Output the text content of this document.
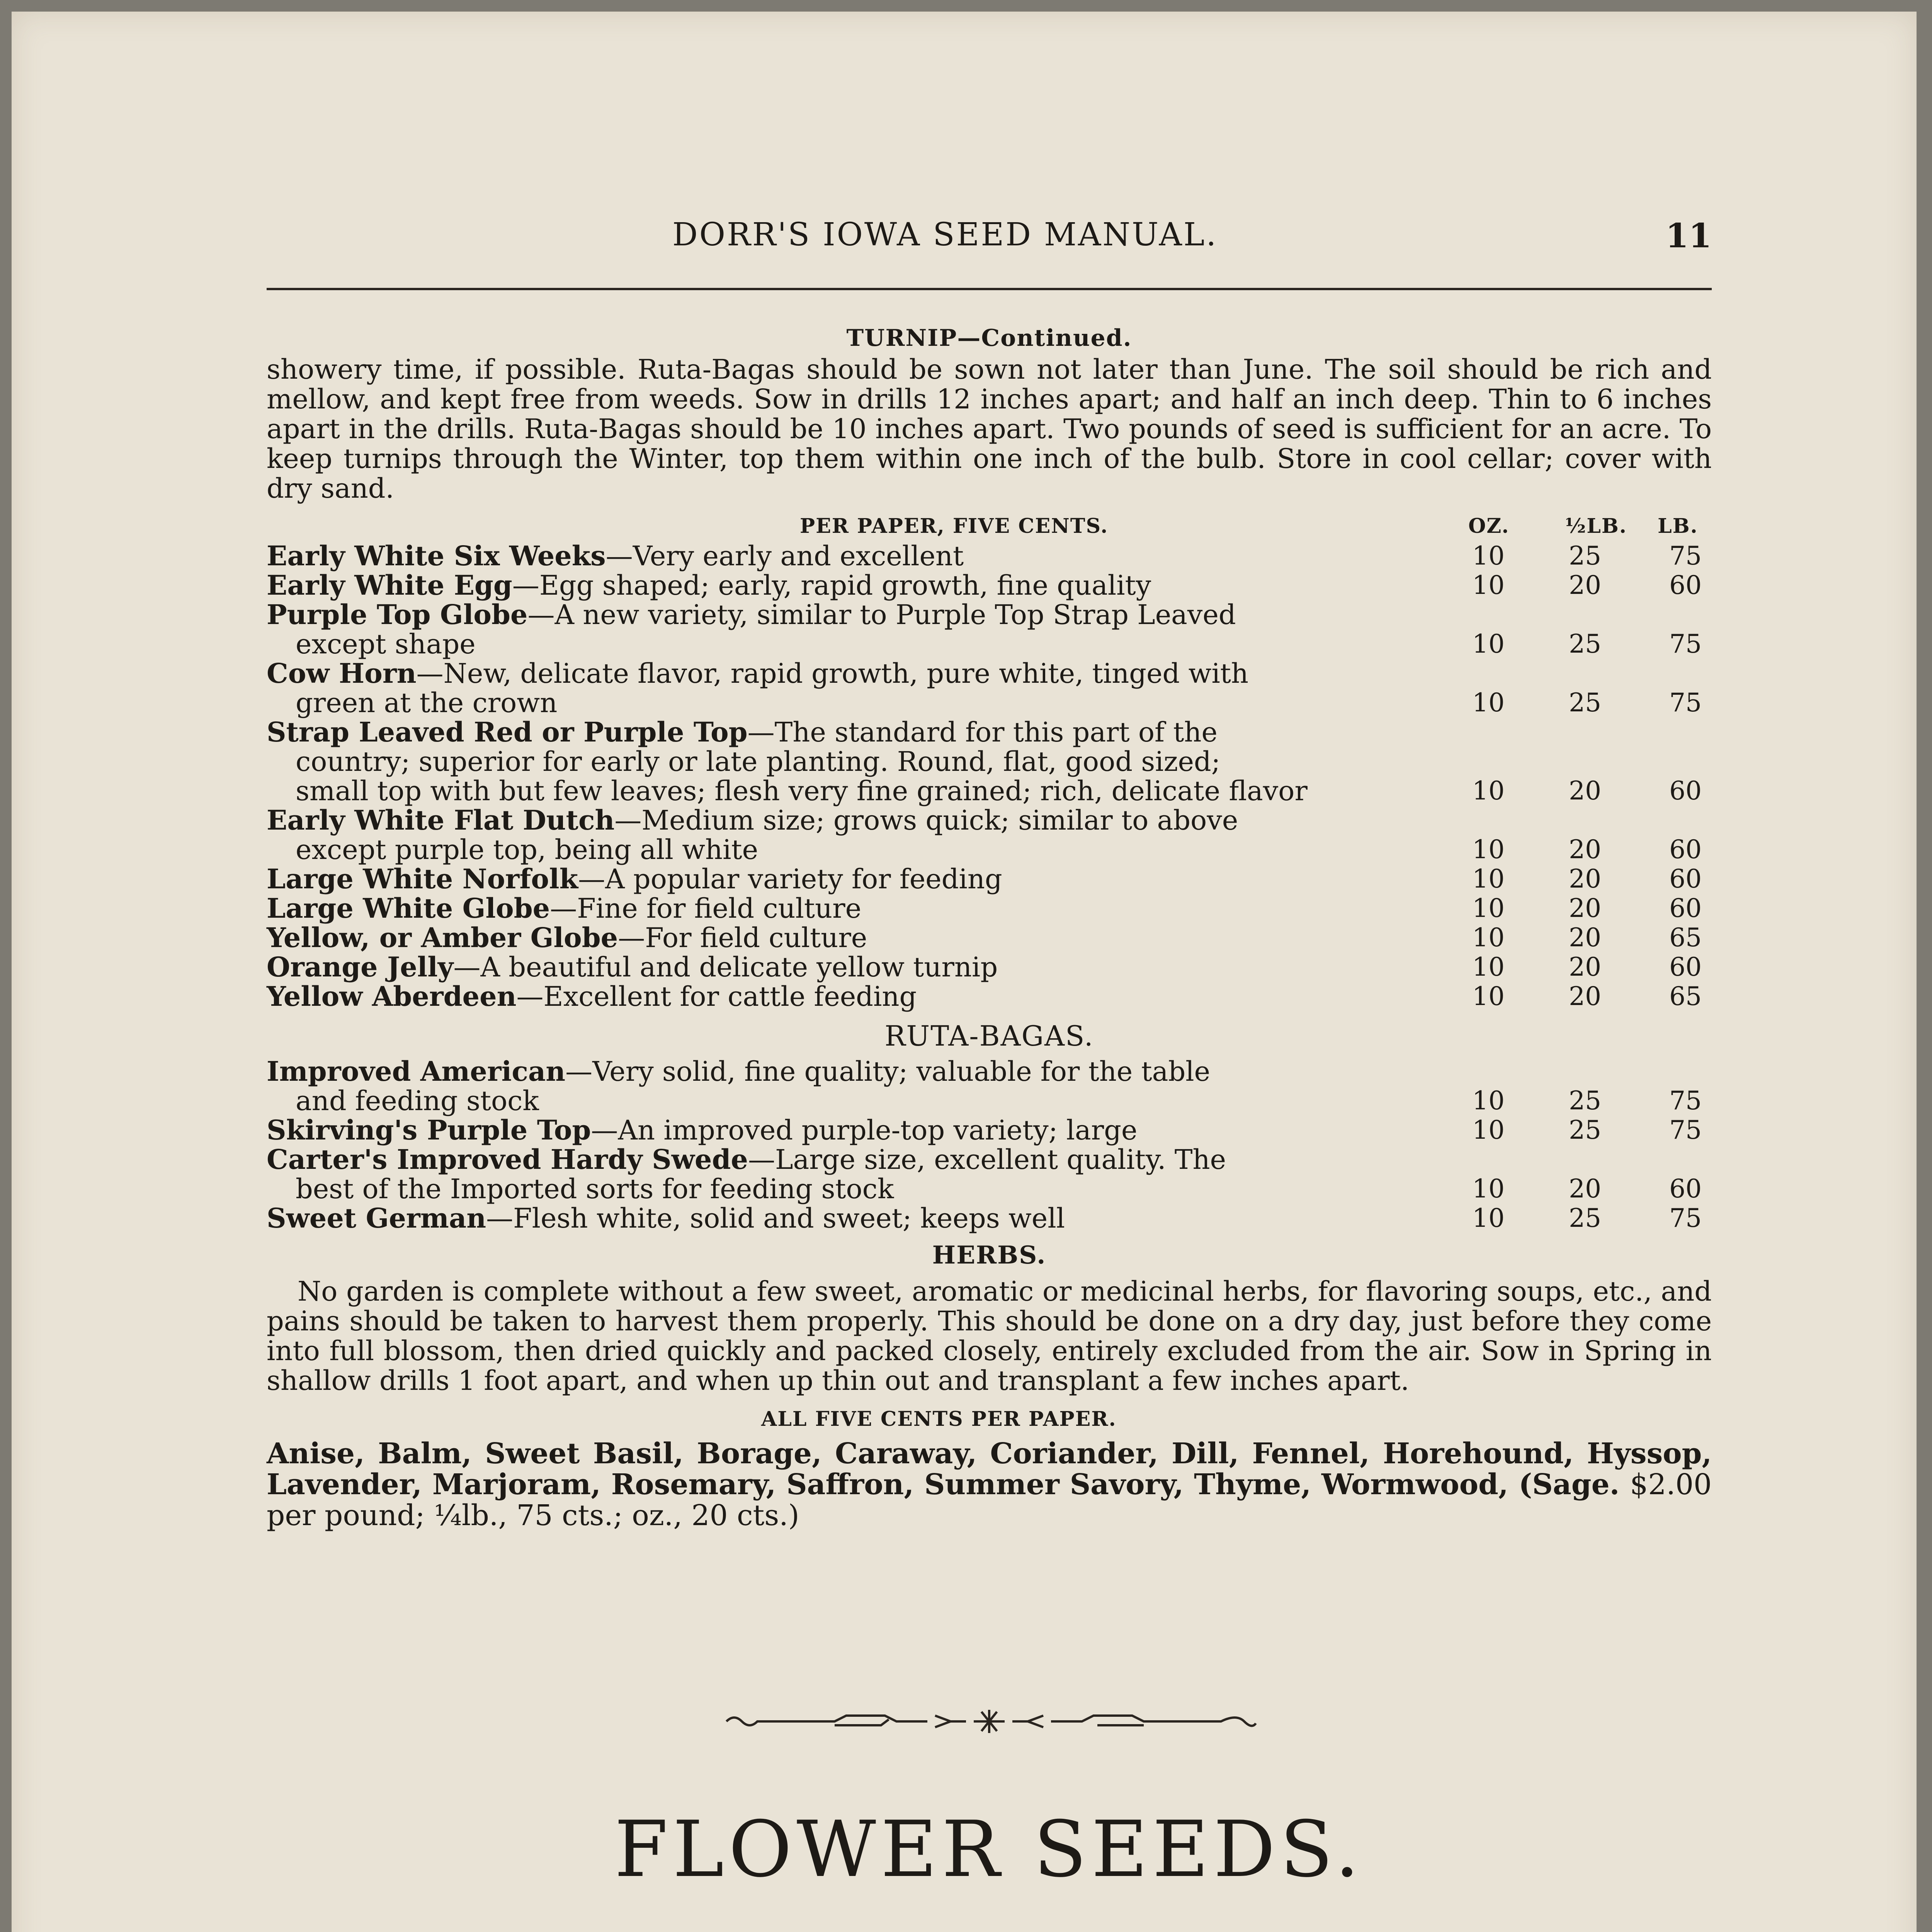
DORR'S IOWA SEED MANUAL.	11
TURNIP—Continued.
showery time, if possible. Ruta-Bagas should be sown not later than June. The soil should be rich and mellow, and kept free from weeds. Sow in drills 12 inches apart; and half an inch deep. Thin to 6 inches apart in the drills. Ruta-Bagas should be 10 inches apart. Two pounds of seed is sufficient for an acre. To keep turnips through the Winter, top them within one inch of the bulb. Store in cool cellar; cover with dry sand.
PER PAPER, FIVE CENTS.	OZ.	½LB. LB.
Early White Six Weeks—Very early and excellent	10	25	75
Early White Egg—Egg shaped; early, rapid growth, fine quality	10	20	60
Purple Top Globe—A new variety, similar to Purple Top Strap Leaved
except shape	10	25	75
Cow Horn—New, delicate flavor, rapid growth, pure white, tinged with
green at the crown	10	25	75
Strap Leaved Red or Purple Top—The standard for this part of the
country; superior for early or late planting. Round, flat, good sized;
small top with but few leaves; flesh very fine grained; rich, delicate flavor	10	20	60
Early White Flat Dutch—Medium size; grows quick; similar to above
except purple top, being all white	10	20	60
Large White Norfolk—A popular variety for feeding	10	20	60
Large White Globe—Fine for field culture	10	20	60
Yellow, or Amber Globe—For field culture	10	20	65
Orange Jelly—A beautiful and delicate yellow turnip	10	20	60
Yellow Aberdeen—Excellent for cattle feeding	10	20	65
RUTA-BAGAS.
Improved American—Very solid, fine quality; valuable for the table
and feeding stock	10	25	75
Skirving's Purple Top—An improved purple-top variety; large	10	25	75
Carter's Improved Hardy Swede—Large size, excellent quality. The
best of the Imported sorts for feeding stock	10	20	60
Sweet German—Flesh white, solid and sweet; keeps well	10	25	75
HERBS.
No garden is complete without a few sweet, aromatic or medicinal herbs, for flavoring soups, etc., and pains should be taken to harvest them properly. This should be done on a dry day, just before they come into full blossom, then dried quickly and packed closely, entirely excluded from the air. Sow in Spring in shallow drills 1 foot apart, and when up thin out and transplant a few inches apart.
ALL FIVE CENTS PER PAPER.
Anise, Balm, Sweet Basil, Borage, Caraway, Coriander, Dill, Fennel, Horehound, Hyssop, Lavender, Marjoram, Rosemary, Saffron, Summer Savory, Thyme, Wormwood, (Sage. $2.00 per pound; ¼lb., 75 cts.; oz., 20 cts.)
FLOWER SEEDS.
